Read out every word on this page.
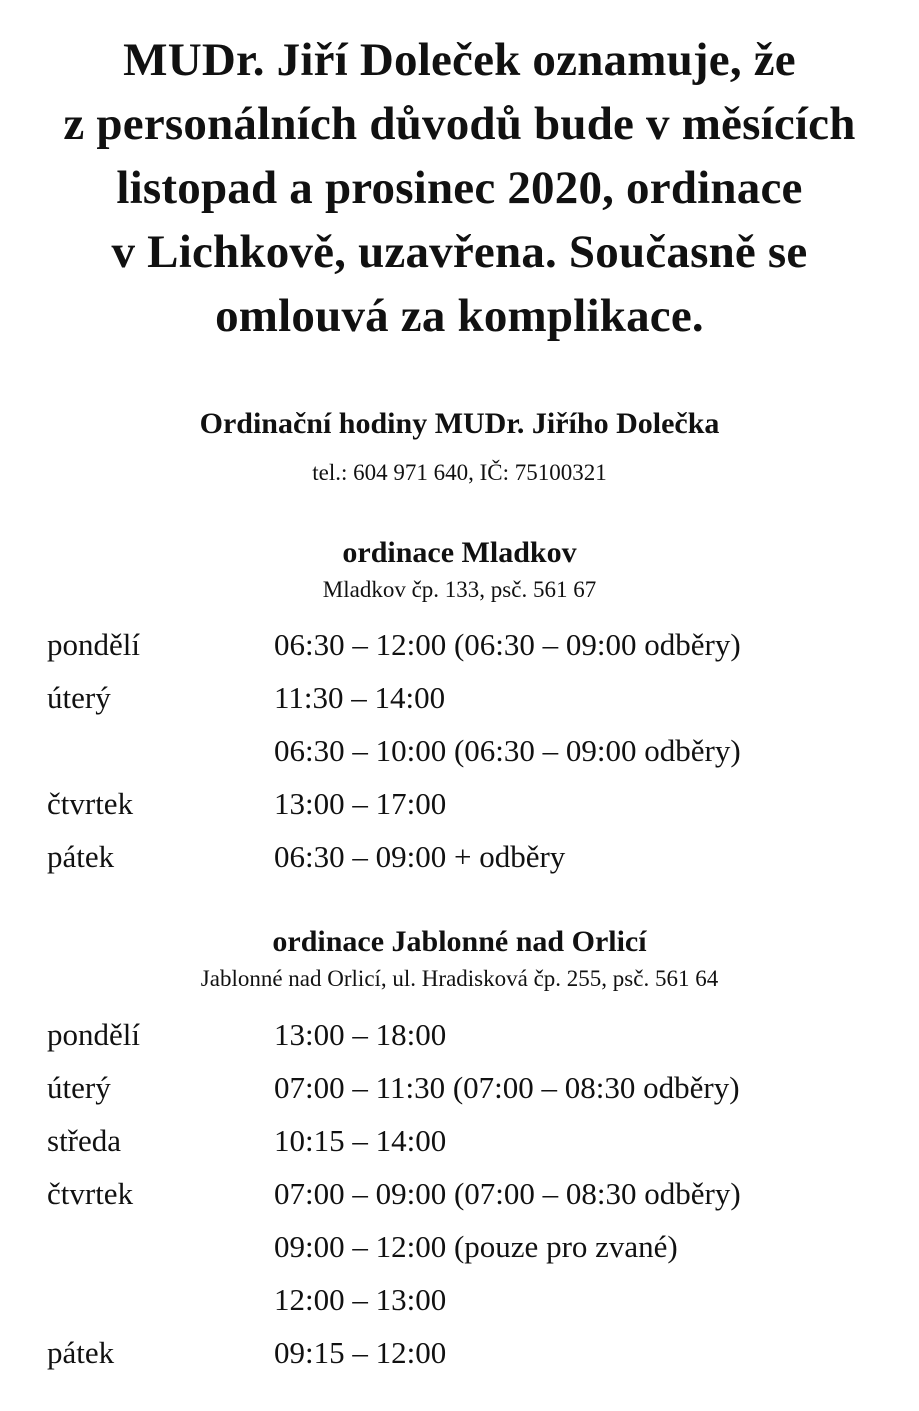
MUDr. Jiří Doleček oznamuje, že
z personálních důvodů bude v měsících
listopad a prosinec 2020, ordinace
v Lichkově, uzavřena. Současně se
omlouvá za komplikace.
Ordinační hodiny MUDr. Jiřího Dolečka
tel.: 604 971 640, IČ: 75100321
ordinace Mladkov
Mladkov čp. 133, psč. 561 67
pondělí	06:30 – 12:00 (06:30 – 09:00 odběry)
úterý	11:30 – 14:00
06:30 – 10:00 (06:30 – 09:00 odběry)
čtvrtek	13:00 – 17:00
pátek	06:30 – 09:00 + odběry
ordinace Jablonné nad Orlicí
Jablonné nad Orlicí, ul. Hradisková čp. 255, psč. 561 64
pondělí	13:00 – 18:00
úterý	07:00 – 11:30 (07:00 – 08:30 odběry)
středa	10:15 – 14:00
čtvrtek	07:00 – 09:00 (07:00 – 08:30 odběry)
09:00 – 12:00 (pouze pro zvané)
12:00 – 13:00
pátek	09:15 – 12:00
